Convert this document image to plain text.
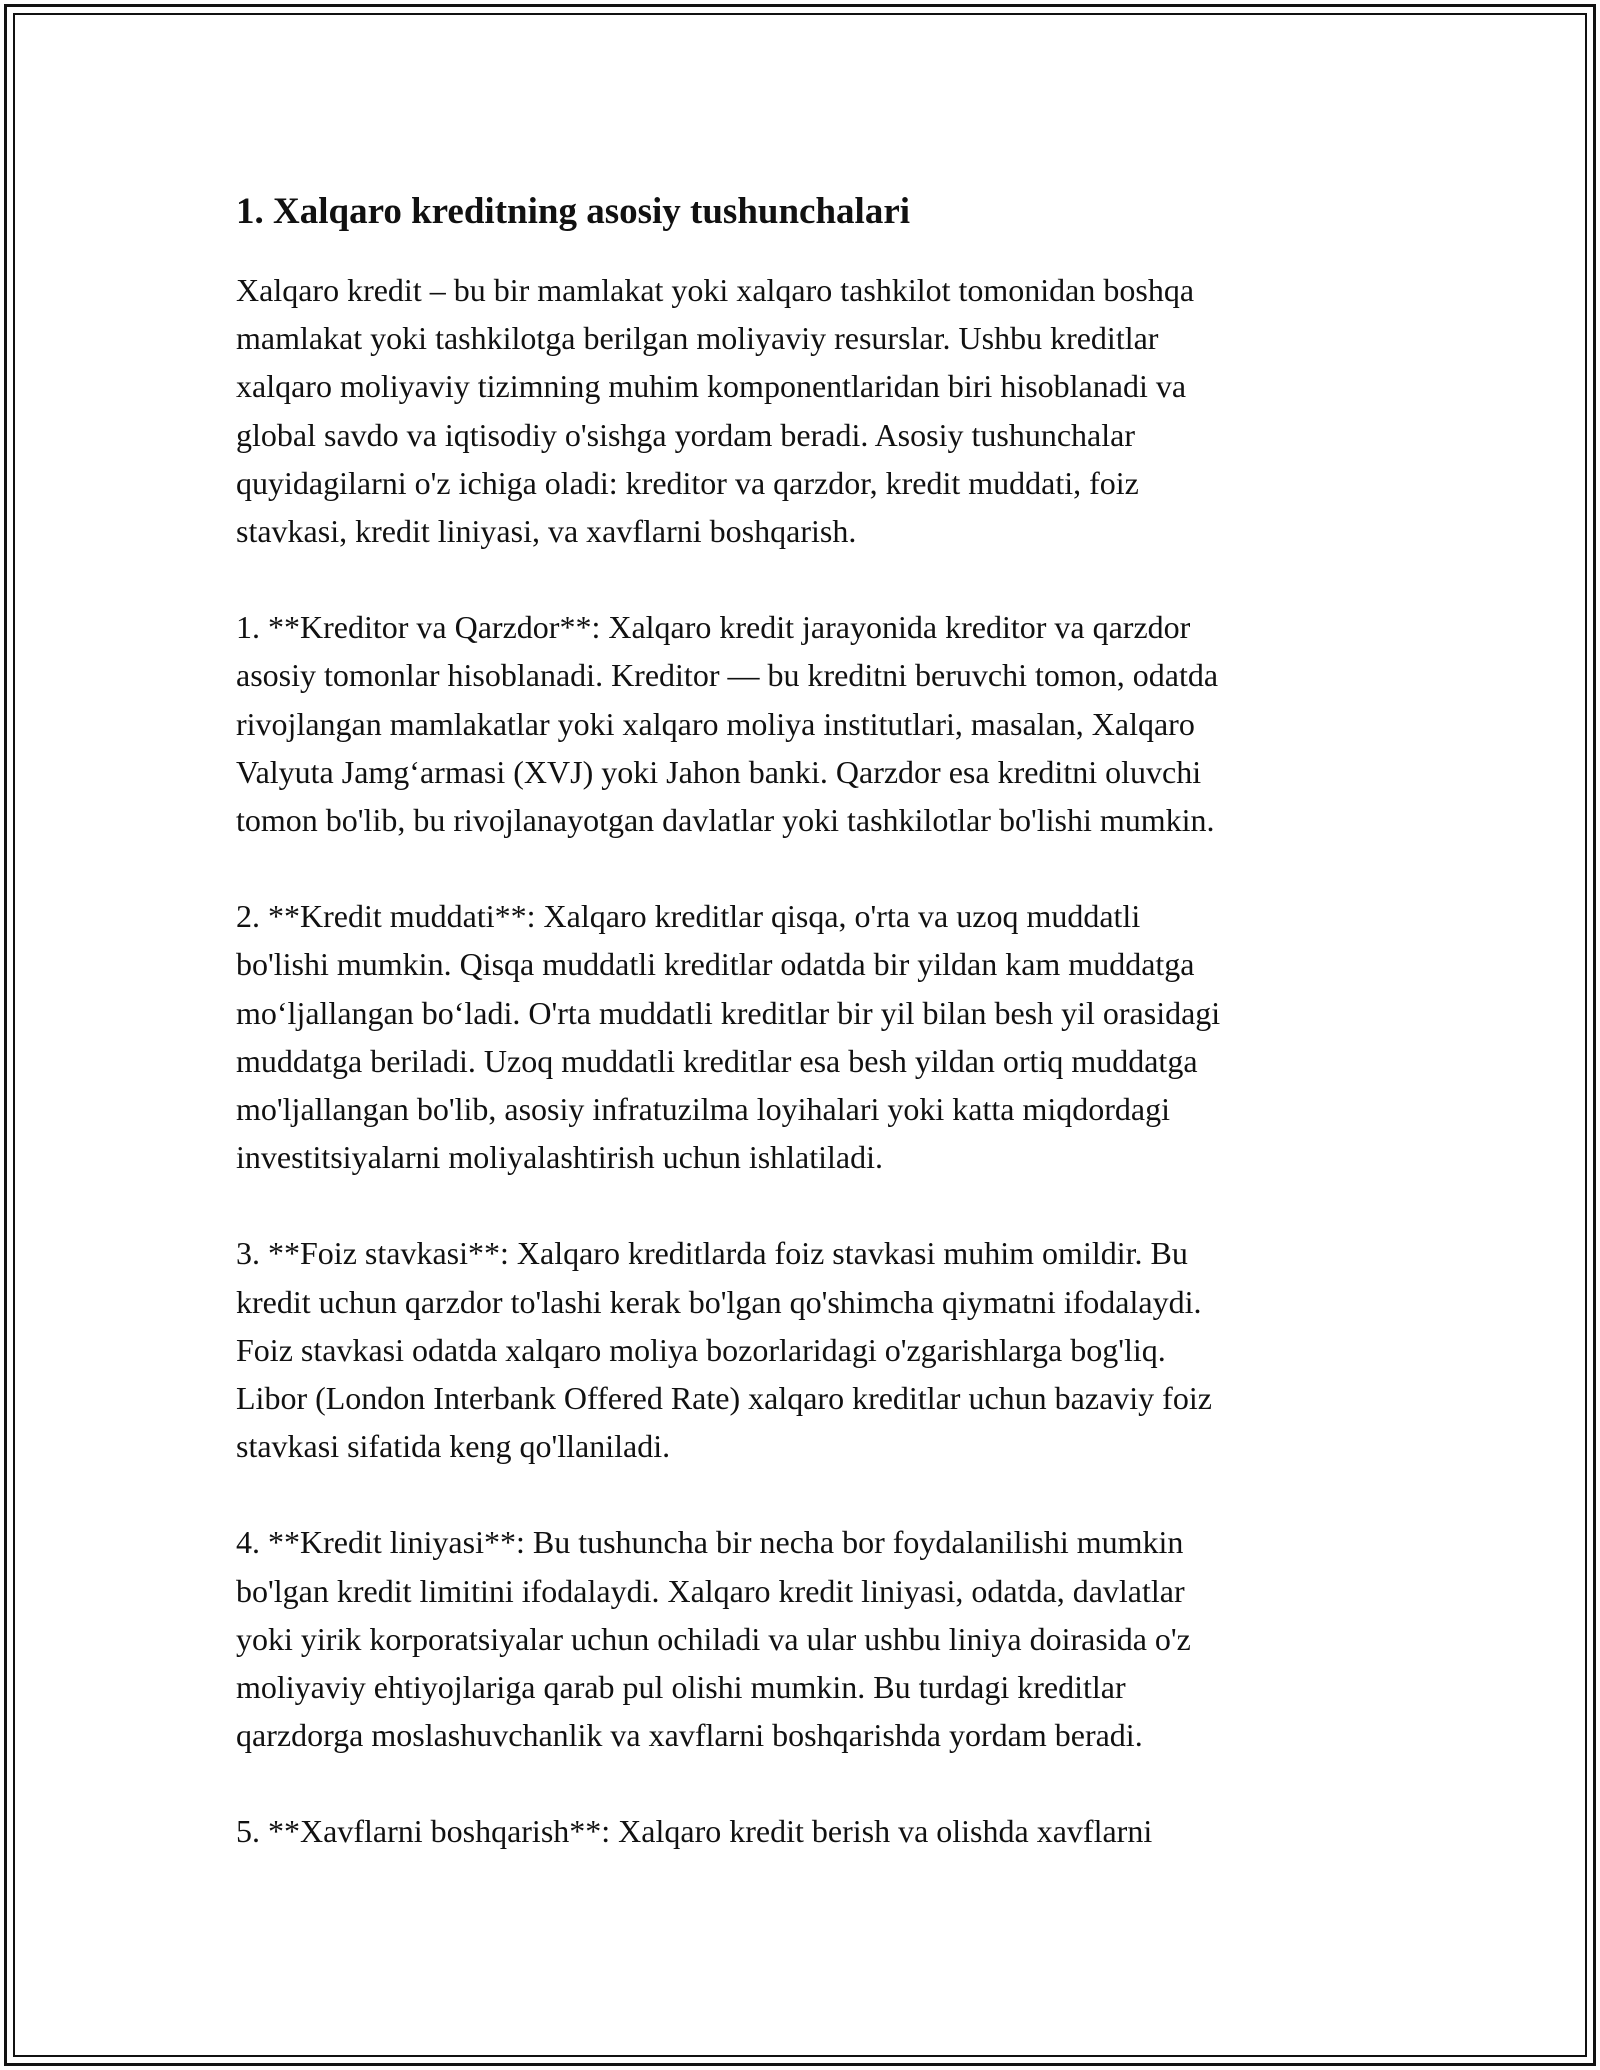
1. Xalqaro kreditning asosiy tushunchalari

Xalqaro kredit – bu bir mamlakat yoki xalqaro tashkilot tomonidan boshqa
mamlakat yoki tashkilotga berilgan moliyaviy resurslar. Ushbu kreditlar
xalqaro moliyaviy tizimning muhim komponentlaridan biri hisoblanadi va
global savdo va iqtisodiy o'sishga yordam beradi. Asosiy tushunchalar
quyidagilarni o'z ichiga oladi: kreditor va qarzdor, kredit muddati, foiz
stavkasi, kredit liniyasi, va xavflarni boshqarish.

1. **Kreditor va Qarzdor**: Xalqaro kredit jarayonida kreditor va qarzdor
asosiy tomonlar hisoblanadi. Kreditor — bu kreditni beruvchi tomon, odatda
rivojlangan mamlakatlar yoki xalqaro moliya institutlari, masalan, Xalqaro
Valyuta Jamg‘armasi (XVJ) yoki Jahon banki. Qarzdor esa kreditni oluvchi
tomon bo'lib, bu rivojlanayotgan davlatlar yoki tashkilotlar bo'lishi mumkin.

2. **Kredit muddati**: Xalqaro kreditlar qisqa, o'rta va uzoq muddatli
bo'lishi mumkin. Qisqa muddatli kreditlar odatda bir yildan kam muddatga
mo‘ljallangan bo‘ladi. O'rta muddatli kreditlar bir yil bilan besh yil orasidagi
muddatga beriladi. Uzoq muddatli kreditlar esa besh yildan ortiq muddatga
mo'ljallangan bo'lib, asosiy infratuzilma loyihalari yoki katta miqdordagi
investitsiyalarni moliyalashtirish uchun ishlatiladi.

3. **Foiz stavkasi**: Xalqaro kreditlarda foiz stavkasi muhim omildir. Bu
kredit uchun qarzdor to'lashi kerak bo'lgan qo'shimcha qiymatni ifodalaydi.
Foiz stavkasi odatda xalqaro moliya bozorlaridagi o'zgarishlarga bog'liq.
Libor (London Interbank Offered Rate) xalqaro kreditlar uchun bazaviy foiz
stavkasi sifatida keng qo'llaniladi.

4. **Kredit liniyasi**: Bu tushuncha bir necha bor foydalanilishi mumkin
bo'lgan kredit limitini ifodalaydi. Xalqaro kredit liniyasi, odatda, davlatlar
yoki yirik korporatsiyalar uchun ochiladi va ular ushbu liniya doirasida o'z
moliyaviy ehtiyojlariga qarab pul olishi mumkin. Bu turdagi kreditlar
qarzdorga moslashuvchanlik va xavflarni boshqarishda yordam beradi.

5. **Xavflarni boshqarish**: Xalqaro kredit berish va olishda xavflarni
